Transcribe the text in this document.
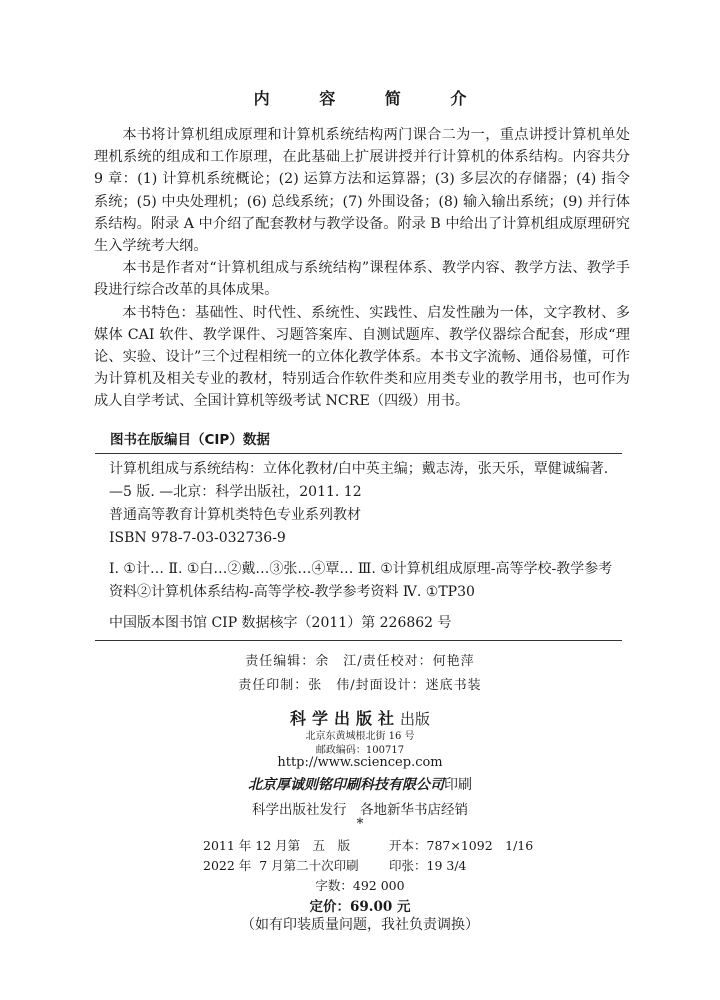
内 容 简 介

本书将计算机组成原理和计算机系统结构两门课合二为一，重点讲授计算机单处理机系统的组成和工作原理，在此基础上扩展讲授并行计算机的体系结构。内容共分 9 章：(1) 计算机系统概论；(2) 运算方法和运算器；(3) 多层次的存储器；(4) 指令系统；(5) 中央处理机；(6) 总线系统；(7) 外围设备；(8) 输入输出系统；(9) 并行体系结构。附录 A 中介绍了配套教材与教学设备。附录 B 中给出了计算机组成原理研究生入学统考大纲。

本书是作者对“计算机组成与系统结构”课程体系、教学内容、教学方法、教学手段进行综合改革的具体成果。

本书特色：基础性、时代性、系统性、实践性、启发性融为一体，文字教材、多媒体 CAI 软件、教学课件、习题答案库、自测试题库、教学仪器综合配套，形成“理论、实验、设计”三个过程相统一的立体化教学体系。本书文字流畅、通俗易懂，可作为计算机及相关专业的教材，特别适合作软件类和应用类专业的教学用书，也可作为成人自学考试、全国计算机等级考试 NCRE（四级）用书。

图书在版编目（CIP）数据
计算机组成与系统结构：立体化教材/白中英主编；戴志涛，张天乐，覃健诚编著. —5 版. —北京：科学出版社，2011. 12
普通高等教育计算机类特色专业系列教材
ISBN 978-7-03-032736-9
Ⅰ. ①计… Ⅱ. ①白…②戴…③张…④覃… Ⅲ. ①计算机组成原理-高等学校-教学参考资料②计算机体系结构-高等学校-教学参考资料 Ⅳ. ①TP30
中国版本图书馆 CIP 数据核字（2011）第 226862 号
责任编辑：余　江/责任校对：何艳萍
责任印制：张　伟/封面设计：迷底书装
科学出版社出版
北京东黄城根北街 16 号
邮政编码：100717
http://www.sciencep.com
北京厚诚则铭印刷科技有限公司印刷
科学出版社发行　各地新华书店经销
*
2011 年 12 月第　五　版	开本：787×1092　1/16
2022 年  7 月第二十次印刷 印张：19 3/4
字数：492 000
定价：69.00 元
（如有印装质量问题，我社负责调换）
